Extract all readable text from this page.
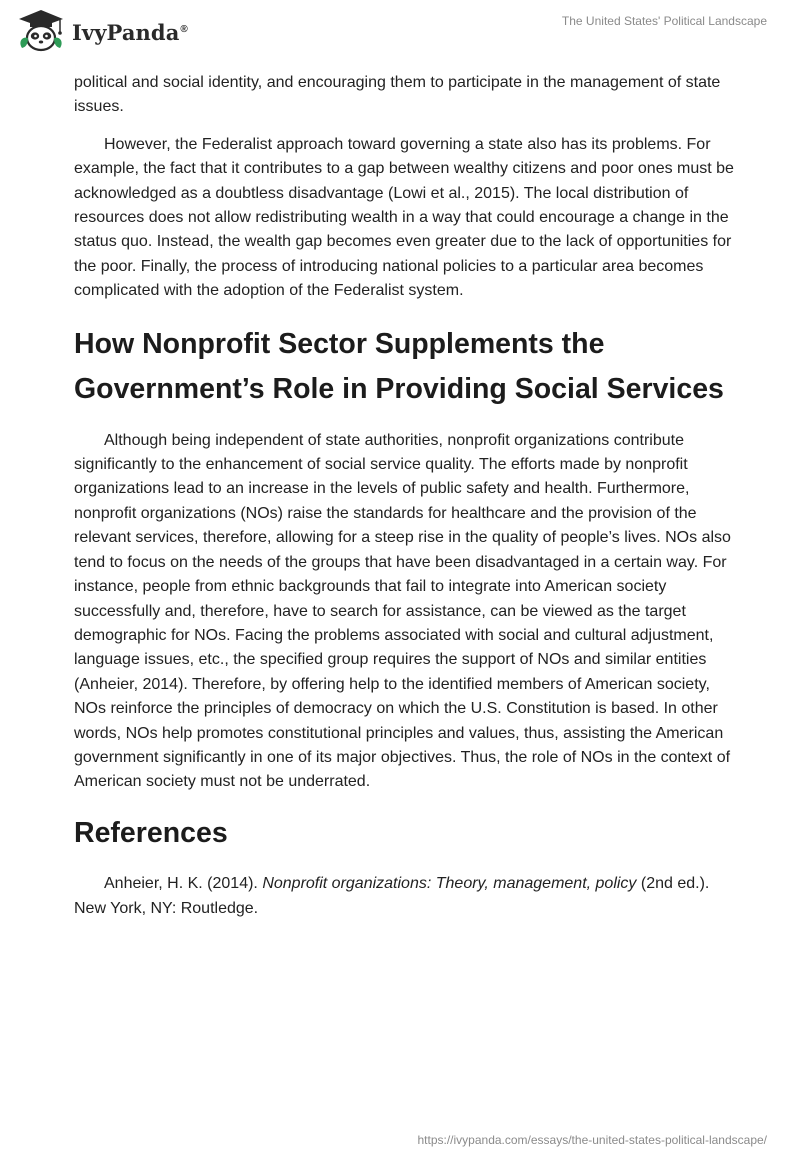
IvyPanda®
The United States' Political Landscape

political and social identity, and encouraging them to participate in the management of state issues.

However, the Federalist approach toward governing a state also has its problems. For example, the fact that it contributes to a gap between wealthy citizens and poor ones must be acknowledged as a doubtless disadvantage (Lowi et al., 2015). The local distribution of resources does not allow redistributing wealth in a way that could encourage a change in the status quo. Instead, the wealth gap becomes even greater due to the lack of opportunities for the poor. Finally, the process of introducing national policies to a particular area becomes complicated with the adoption of the Federalist system.

How Nonprofit Sector Supplements the Government’s Role in Providing Social Services

Although being independent of state authorities, nonprofit organizations contribute significantly to the enhancement of social service quality. The efforts made by nonprofit organizations lead to an increase in the levels of public safety and health. Furthermore, nonprofit organizations (NOs) raise the standards for healthcare and the provision of the relevant services, therefore, allowing for a steep rise in the quality of people’s lives. NOs also tend to focus on the needs of the groups that have been disadvantaged in a certain way. For instance, people from ethnic backgrounds that fail to integrate into American society successfully and, therefore, have to search for assistance, can be viewed as the target demographic for NOs. Facing the problems associated with social and cultural adjustment, language issues, etc., the specified group requires the support of NOs and similar entities (Anheier, 2014). Therefore, by offering help to the identified members of American society, NOs reinforce the principles of democracy on which the U.S. Constitution is based. In other words, NOs help promotes constitutional principles and values, thus, assisting the American government significantly in one of its major objectives. Thus, the role of NOs in the context of American society must not be underrated.

References

Anheier, H. K. (2014). Nonprofit organizations: Theory, management, policy (2nd ed.). New York, NY: Routledge.

https://ivypanda.com/essays/the-united-states-political-landscape/
